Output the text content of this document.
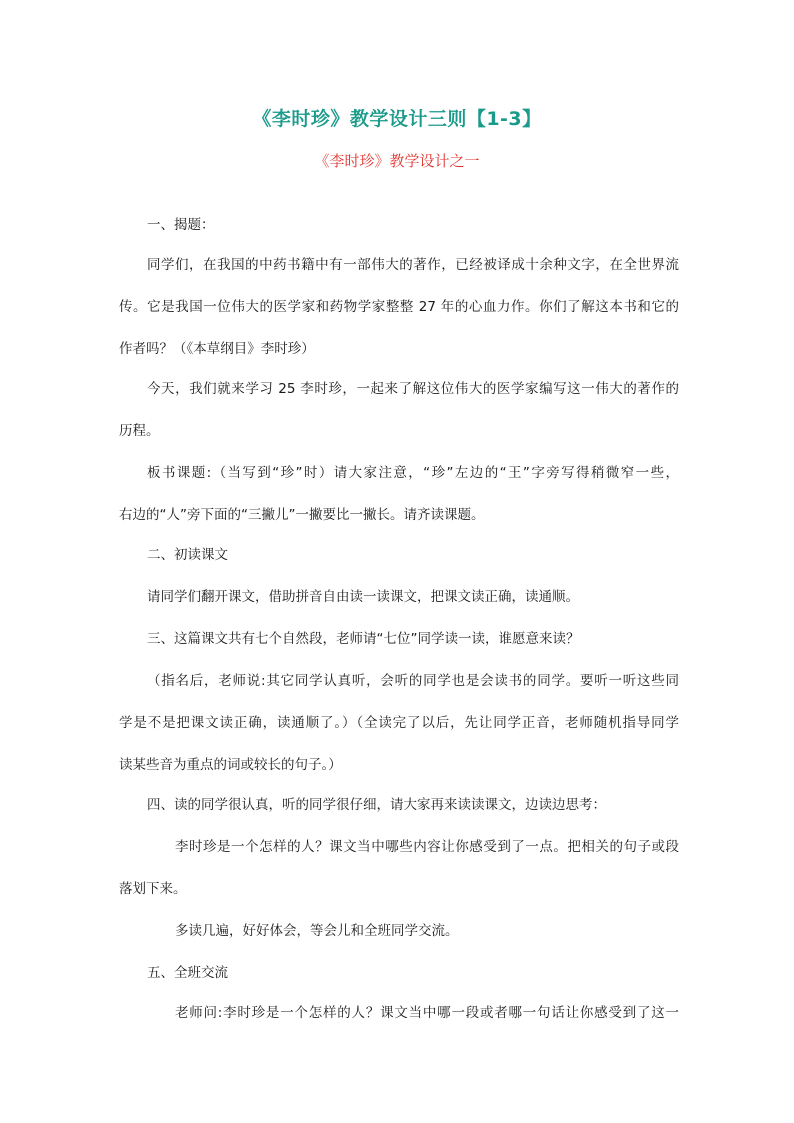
《李时珍》教学设计三则【1-3】
《李时珍》教学设计之一
一、揭题：
同学们，在我国的中药书籍中有一部伟大的著作，已经被译成十余种文字，在全世界流
传。它是我国一位伟大的医学家和药物学家整整 27 年的心血力作。你们了解这本书和它的
作者吗？（《本草纲目》李时珍）
今天，我们就来学习 25 李时珍，一起来了解这位伟大的医学家编写这一伟大的著作的
历程。
板书课题:（当写到“珍”时）请大家注意，“珍”左边的“王”字旁写得稍微窄一些，
右边的“人”旁下面的“三撇儿”一撇要比一撇长。请齐读课题。
二、初读课文
请同学们翻开课文，借助拼音自由读一读课文，把课文读正确，读通顺。
三、这篇课文共有七个自然段，老师请“七位”同学读一读，谁愿意来读？
（指名后，老师说:其它同学认真听，会听的同学也是会读书的同学。要听一听这些同
学是不是把课文读正确，读通顺了。）（全读完了以后，先让同学正音，老师随机指导同学
读某些音为重点的词或较长的句子。）
四、读的同学很认真，听的同学很仔细，请大家再来读读课文，边读边思考：
李时珍是一个怎样的人？课文当中哪些内容让你感受到了一点。把相关的句子或段
落划下来。
多读几遍，好好体会，等会儿和全班同学交流。
五、全班交流
老师问:李时珍是一个怎样的人？课文当中哪一段或者哪一句话让你感受到了这一
